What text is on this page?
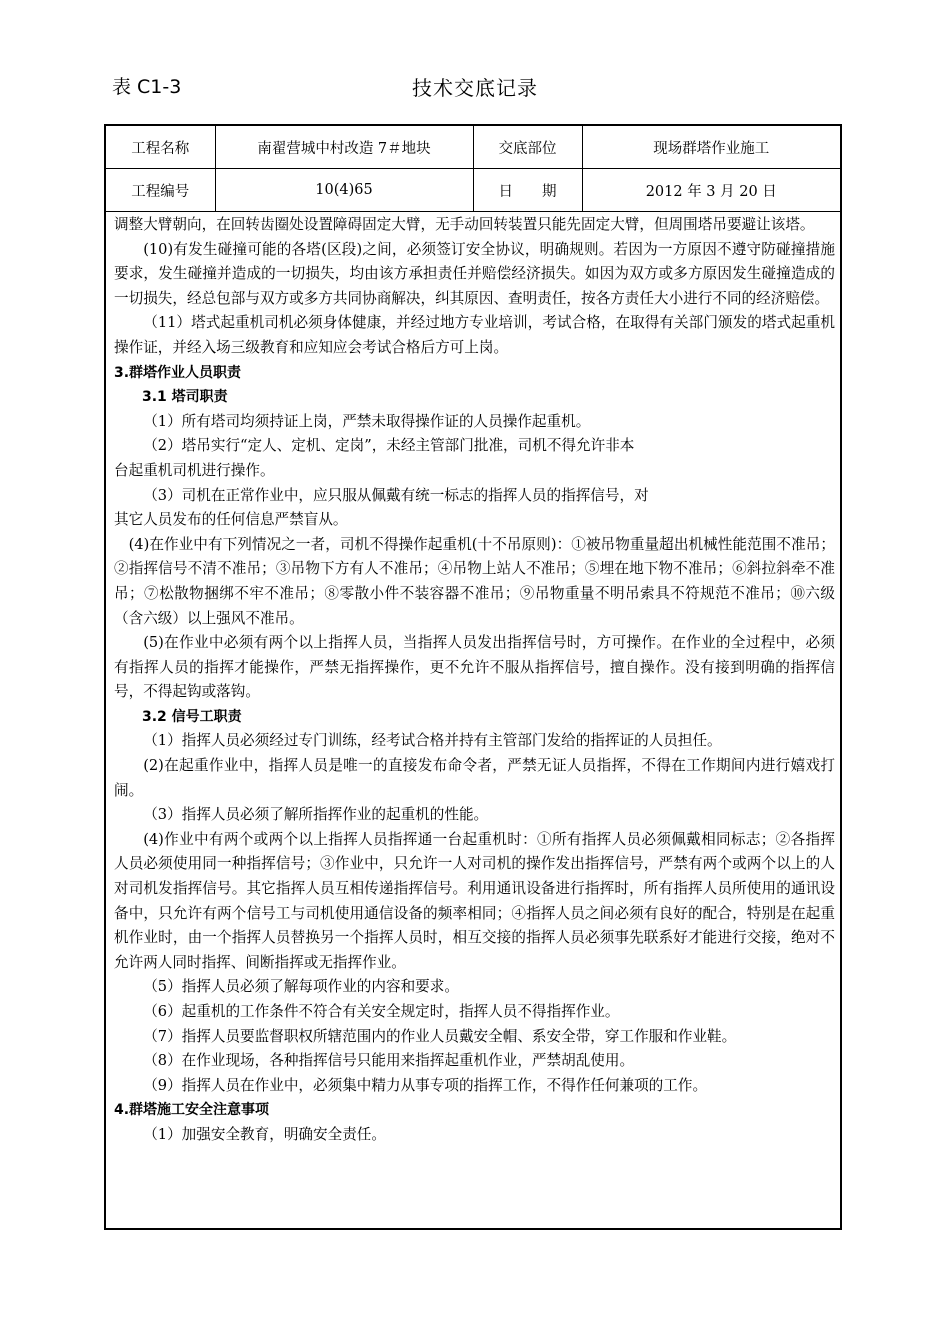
表 C1-3	技术交底记录
工程名称	南翟营城中村改造 7＃地块	交底部位	现场群塔作业施工
工程编号	10(4)65	日　　期	2012 年 3 月 20 日

调整大臂朝向，在回转齿圈处设置障碍固定大臂，无手动回转装置只能先固定大臂，但周围塔吊要避让该塔。

(10)有发生碰撞可能的各塔(区段)之间，必须签订安全协议，明确规则。若因为一方原因不遵守防碰撞措施要求，发生碰撞并造成的一切损失，均由该方承担责任并赔偿经济损失。如因为双方或多方原因发生碰撞造成的一切损失，经总包部与双方或多方共同协商解决，纠其原因、查明责任，按各方责任大小进行不同的经济赔偿。

（11）塔式起重机司机必须身体健康，并经过地方专业培训，考试合格，在取得有关部门颁发的塔式起重机操作证，并经入场三级教育和应知应会考试合格后方可上岗。

3.群塔作业人员职责

3.1 塔司职责

（1）所有塔司均须持证上岗，严禁未取得操作证的人员操作起重机。

（2）塔吊实行“定人、定机、定岗”，未经主管部门批准，司机不得允许非本

台起重机司机进行操作。

（3）司机在正常作业中，应只服从佩戴有统一标志的指挥人员的指挥信号，对

其它人员发布的任何信息严禁盲从。

(4)在作业中有下列情况之一者，司机不得操作起重机(十不吊原则)：①被吊物重量超出机械性能范围不准吊；②指挥信号不清不准吊；③吊物下方有人不准吊；④吊物上站人不准吊；⑤埋在地下物不准吊；⑥斜拉斜牵不准吊；⑦松散物捆绑不牢不准吊；⑧零散小件不装容器不准吊；⑨吊物重量不明吊索具不符规范不准吊；⑩六级（含六级）以上强风不准吊。

(5)在作业中必须有两个以上指挥人员，当指挥人员发出指挥信号时，方可操作。在作业的全过程中，必须有指挥人员的指挥才能操作，严禁无指挥操作，更不允许不服从指挥信号，擅自操作。没有接到明确的指挥信号，不得起钩或落钩。

3.2 信号工职责

（1）指挥人员必须经过专门训练，经考试合格并持有主管部门发给的指挥证的人员担任。

(2)在起重作业中，指挥人员是唯一的直接发布命令者，严禁无证人员指挥，不得在工作期间内进行嬉戏打闹。

（3）指挥人员必须了解所指挥作业的起重机的性能。

(4)作业中有两个或两个以上指挥人员指挥通一台起重机时：①所有指挥人员必须佩戴相同标志；②各指挥人员必须使用同一种指挥信号；③作业中，只允许一人对司机的操作发出指挥信号，严禁有两个或两个以上的人对司机发指挥信号。其它指挥人员互相传递指挥信号。利用通讯设备进行指挥时，所有指挥人员所使用的通讯设备中，只允许有两个信号工与司机使用通信设备的频率相同；④指挥人员之间必须有良好的配合，特别是在起重机作业时，由一个指挥人员替换另一个指挥人员时，相互交接的指挥人员必须事先联系好才能进行交接，绝对不允许两人同时指挥、间断指挥或无指挥作业。

（5）指挥人员必须了解每项作业的内容和要求。

（6）起重机的工作条件不符合有关安全规定时，指挥人员不得指挥作业。

（7）指挥人员要监督职权所辖范围内的作业人员戴安全帽、系安全带，穿工作服和作业鞋。

（8）在作业现场，各种指挥信号只能用来指挥起重机作业，严禁胡乱使用。

（9）指挥人员在作业中，必须集中精力从事专项的指挥工作，不得作任何兼项的工作。

4.群塔施工安全注意事项

（1）加强安全教育，明确安全责任。
